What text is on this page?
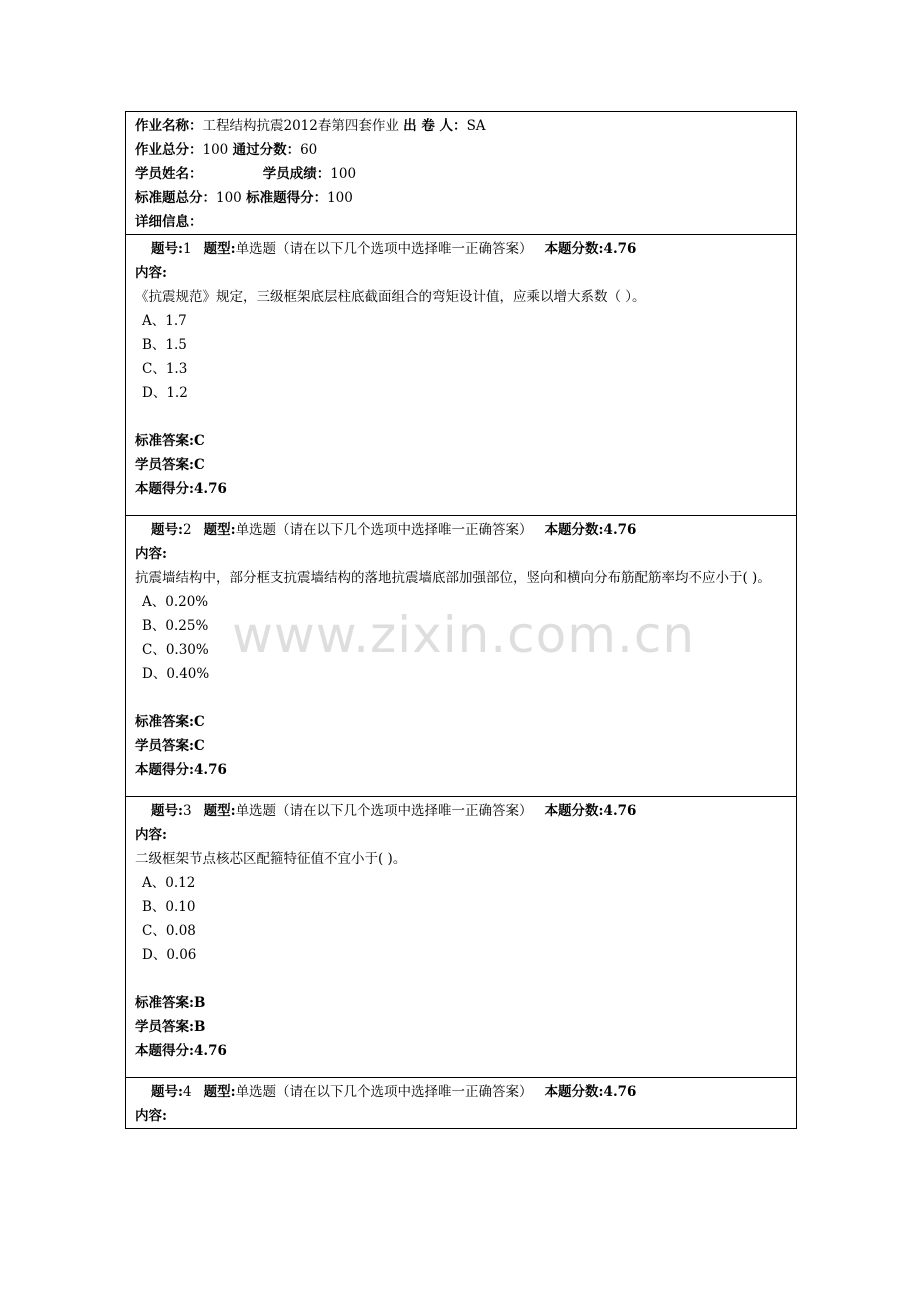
作业名称：工程结构抗震2012春第四套作业 出 卷 人：SA
作业总分：100 通过分数：60
学员姓名：	学员成绩：100
标准题总分：100 标准题得分：100
详细信息：
题号:1 题型:单选题（请在以下几个选项中选择唯一正确答案） 本题分数:4.76
内容:
《抗震规范》规定，三级框架底层柱底截面组合的弯矩设计值，应乘以增大系数（ ）。
A、1.7
B、1.5
C、1.3
D、1.2
标准答案:C
学员答案:C
本题得分:4.76
题号:2 题型:单选题（请在以下几个选项中选择唯一正确答案） 本题分数:4.76
内容:
抗震墙结构中，部分框支抗震墙结构的落地抗震墙底部加强部位，竖向和横向分布筋配筋率均不应小于( )。
A、0.20%
B、0.25%
C、0.30%
D、0.40%
标准答案:C
学员答案:C
本题得分:4.76
题号:3 题型:单选题（请在以下几个选项中选择唯一正确答案） 本题分数:4.76
内容:
二级框架节点核芯区配箍特征值不宜小于( )。
A、0.12
B、0.10
C、0.08
D、0.06
标准答案:B
学员答案:B
本题得分:4.76
题号:4 题型:单选题（请在以下几个选项中选择唯一正确答案） 本题分数:4.76
内容:
www.zixin.com.cn
